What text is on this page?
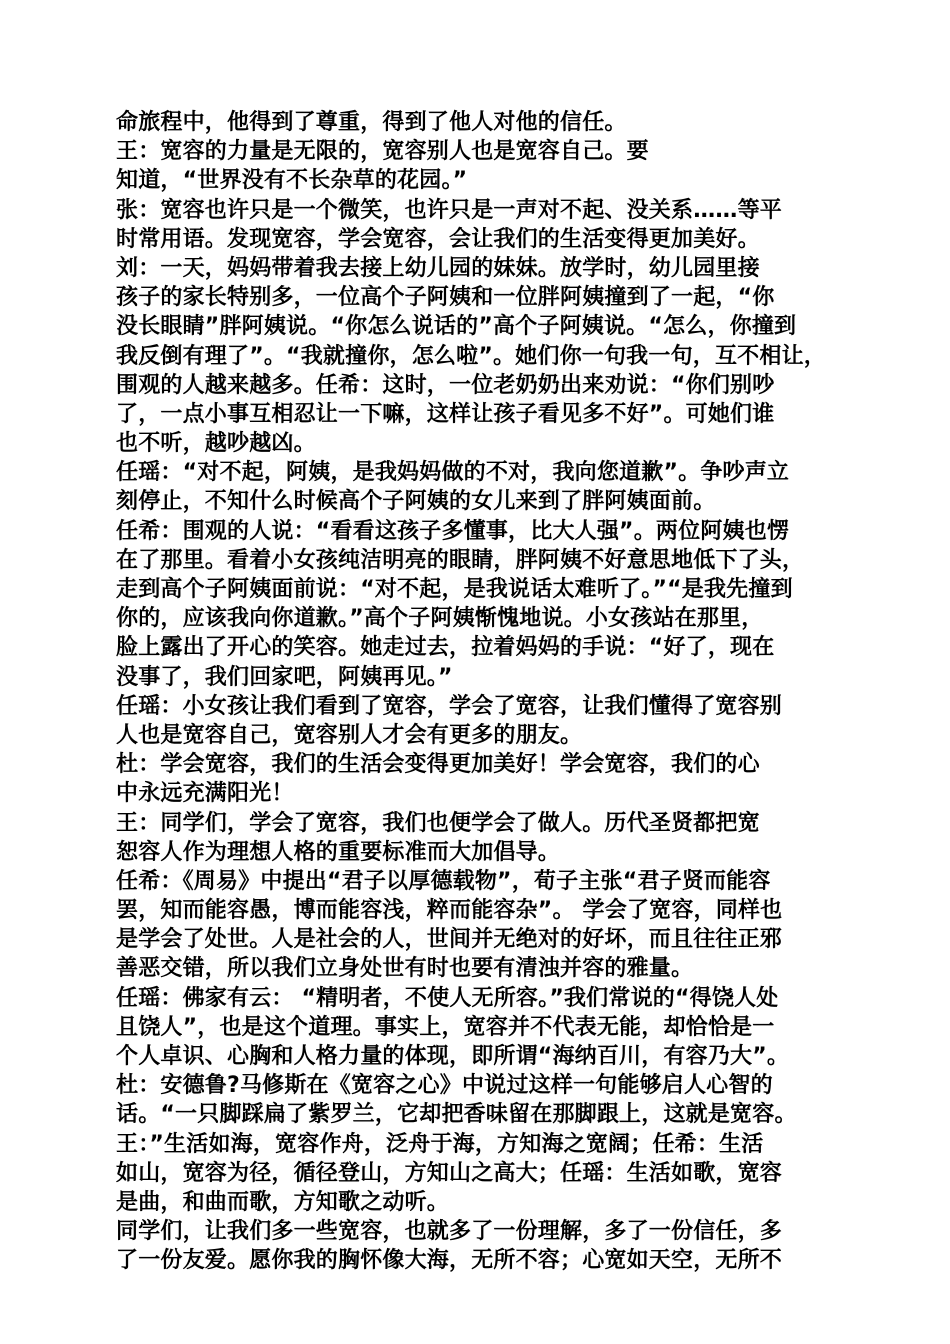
命旅程中，他得到了尊重，得到了他人对他的信任。
王：宽容的力量是无限的，宽容别人也是宽容自己。要
知道，“世界没有不长杂草的花园。”
张：宽容也许只是一个微笑，也许只是一声对不起、没关系……等平
时常用语。发现宽容，学会宽容，会让我们的生活变得更加美好。
刘：一天，妈妈带着我去接上幼儿园的妹妹。放学时，幼儿园里接
孩子的家长特别多，一位高个子阿姨和一位胖阿姨撞到了一起，“你
没长眼睛”胖阿姨说。“你怎么说话的”高个子阿姨说。“怎么，你撞到
我反倒有理了”。“我就撞你，怎么啦”。她们你一句我一句，互不相让，
围观的人越来越多。任希：这时，一位老奶奶出来劝说：“你们别吵
了，一点小事互相忍让一下嘛，这样让孩子看见多不好”。可她们谁
也不听，越吵越凶。
任瑶：“对不起，阿姨，是我妈妈做的不对，我向您道歉”。争吵声立
刻停止，不知什么时候高个子阿姨的女儿来到了胖阿姨面前。
任希：围观的人说：“看看这孩子多懂事，比大人强”。两位阿姨也愣
在了那里。看着小女孩纯洁明亮的眼睛，胖阿姨不好意思地低下了头，
走到高个子阿姨面前说：“对不起，是我说话太难听了。”“是我先撞到
你的，应该我向你道歉。”高个子阿姨惭愧地说。小女孩站在那里，
脸上露出了开心的笑容。她走过去，拉着妈妈的手说：“好了，现在
没事了，我们回家吧，阿姨再见。”
任瑶：小女孩让我们看到了宽容，学会了宽容，让我们懂得了宽容别
人也是宽容自己，宽容别人才会有更多的朋友。
杜：学会宽容，我们的生活会变得更加美好！学会宽容，我们的心
中永远充满阳光！
王：同学们，学会了宽容，我们也便学会了做人。历代圣贤都把宽
恕容人作为理想人格的重要标准而大加倡导。
任希：《周易》中提出“君子以厚德载物”，荀子主张“君子贤而能容
罢，知而能容愚，博而能容浅，粹而能容杂”。 学会了宽容，同样也
是学会了处世。人是社会的人，世间并无绝对的好坏，而且往往正邪
善恶交错，所以我们立身处世有时也要有清浊并容的雅量。
任瑶：佛家有云： “精明者，不使人无所容。”我们常说的“得饶人处
且饶人”，也是这个道理。事实上，宽容并不代表无能，却恰恰是一
个人卓识、心胸和人格力量的体现，即所谓“海纳百川，有容乃大”。
杜：安德鲁?马修斯在《宽容之心》中说过这样一句能够启人心智的
话。“一只脚踩扁了紫罗兰，它却把香味留在那脚跟上，这就是宽容。
王：”生活如海，宽容作舟，泛舟于海，方知海之宽阔；任希：生活
如山，宽容为径，循径登山，方知山之高大；任瑶：生活如歌，宽容
是曲，和曲而歌，方知歌之动听。
同学们，让我们多一些宽容，也就多了一份理解，多了一份信任，多
了一份友爱。愿你我的胸怀像大海，无所不容；心宽如天空，无所不
